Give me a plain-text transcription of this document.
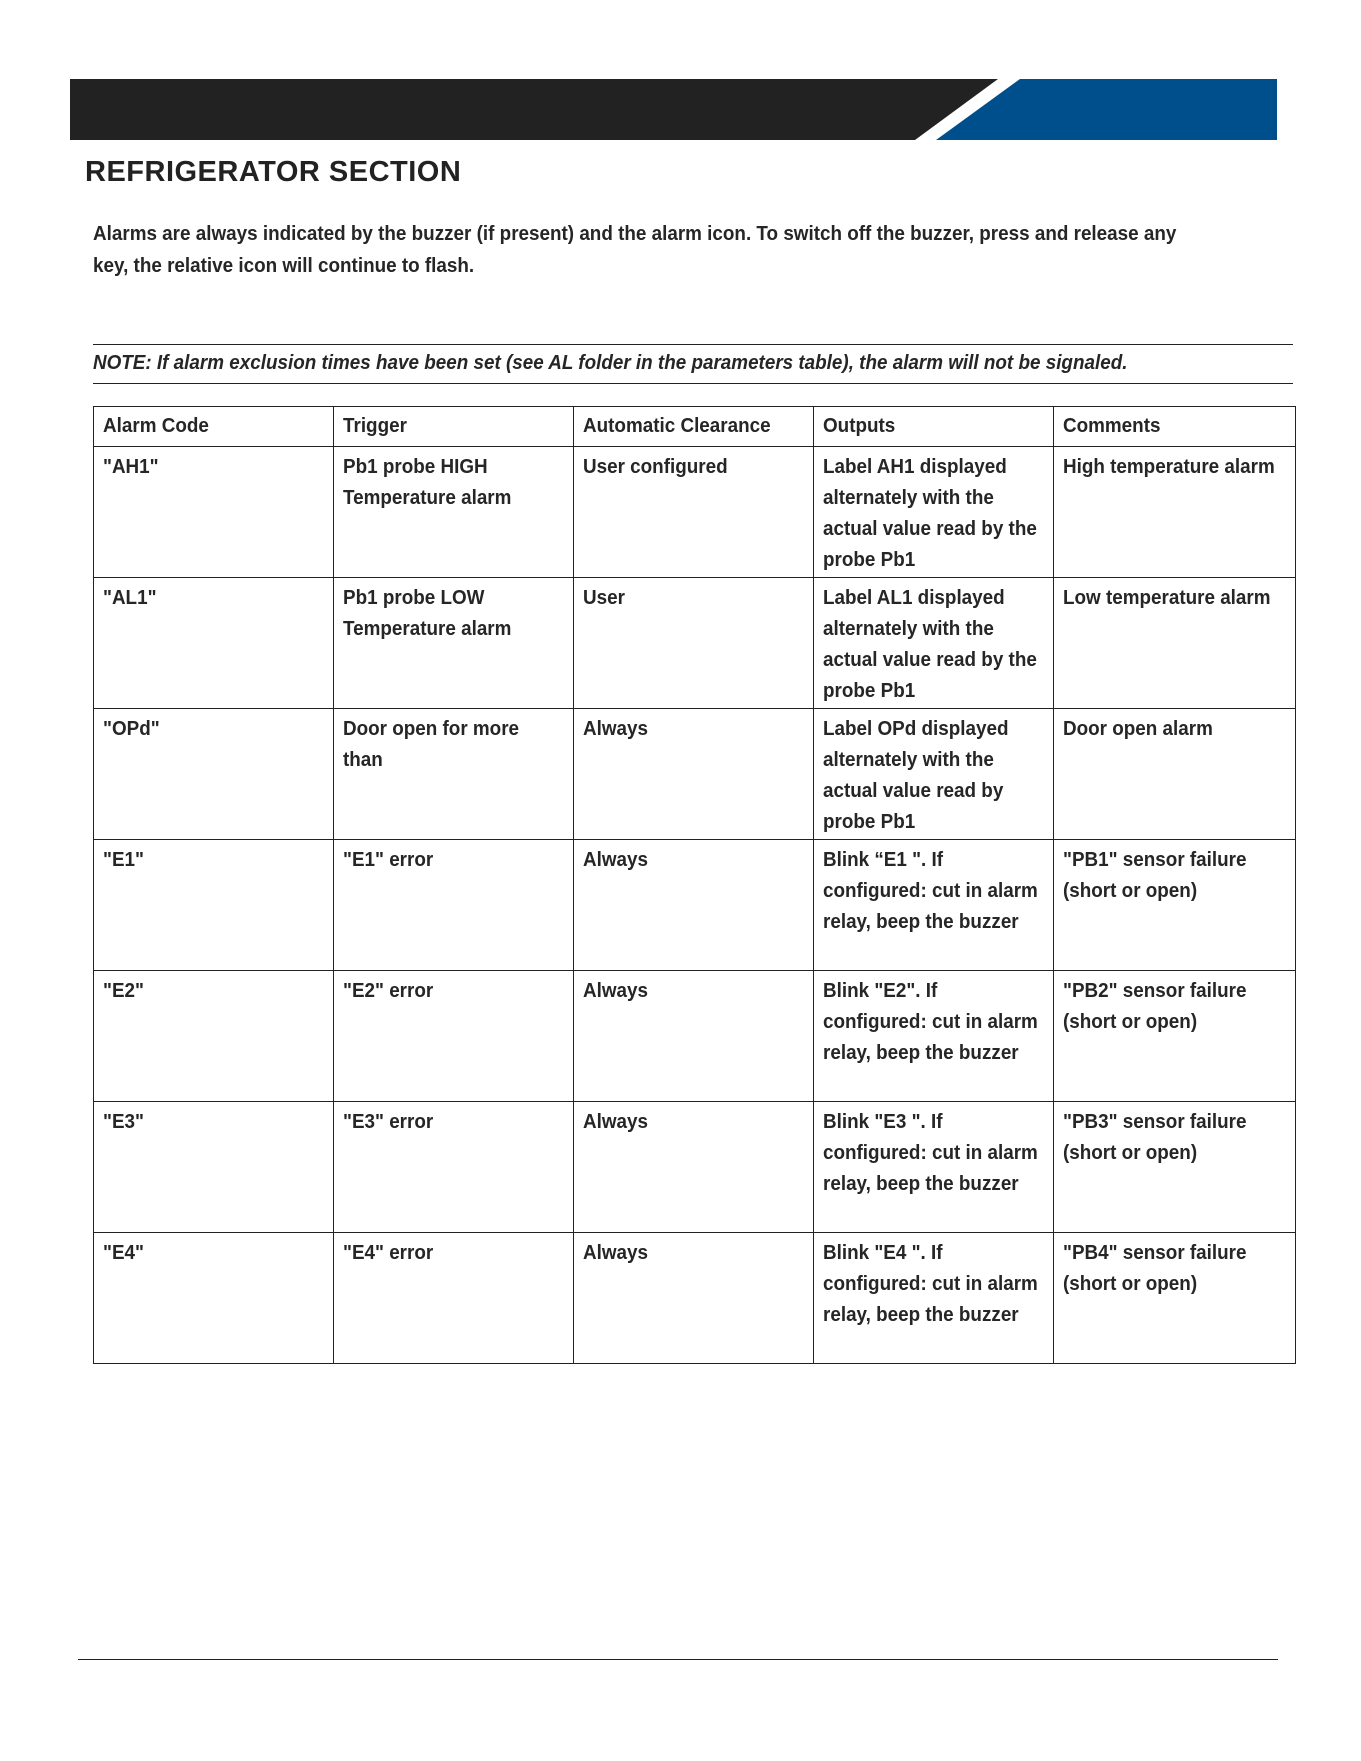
REFRIGERATOR SECTION

Alarms are always indicated by the buzzer (if present) and the alarm icon. To switch off the buzzer, press and release any key, the relative icon will continue to flash.

NOTE: If alarm exclusion times have been set (see AL folder in the parameters table), the alarm will not be signaled.

Alarm Code	Trigger	Automatic Clearance	Outputs	Comments

"AH1"	Pb1 probe HIGH Temperature alarm	User configured	Label AH1 displayed alternately with the actual value read by the probe Pb1	High temperature alarm

"AL1"	Pb1 probe LOW Temperature alarm	User	Label AL1 displayed alternately with the actual value read by the probe Pb1	Low temperature alarm

"OPd"	Door open for more than	Always	Label OPd displayed alternately with the actual value read by probe Pb1	Door open alarm

"E1"	"E1" error	Always	Blink “E1 ". If configured: cut in alarm relay, beep the buzzer	"PB1" sensor failure (short or open)

"E2"	"E2" error	Always	Blink "E2". If configured: cut in alarm relay, beep the buzzer	"PB2" sensor failure (short or open)

"E3"	"E3" error	Always	Blink "E3 ". If configured: cut in alarm relay, beep the buzzer	"PB3" sensor failure (short or open)

"E4"	"E4" error	Always	Blink "E4 ". If configured: cut in alarm relay, beep the buzzer	"PB4" sensor failure (short or open)
